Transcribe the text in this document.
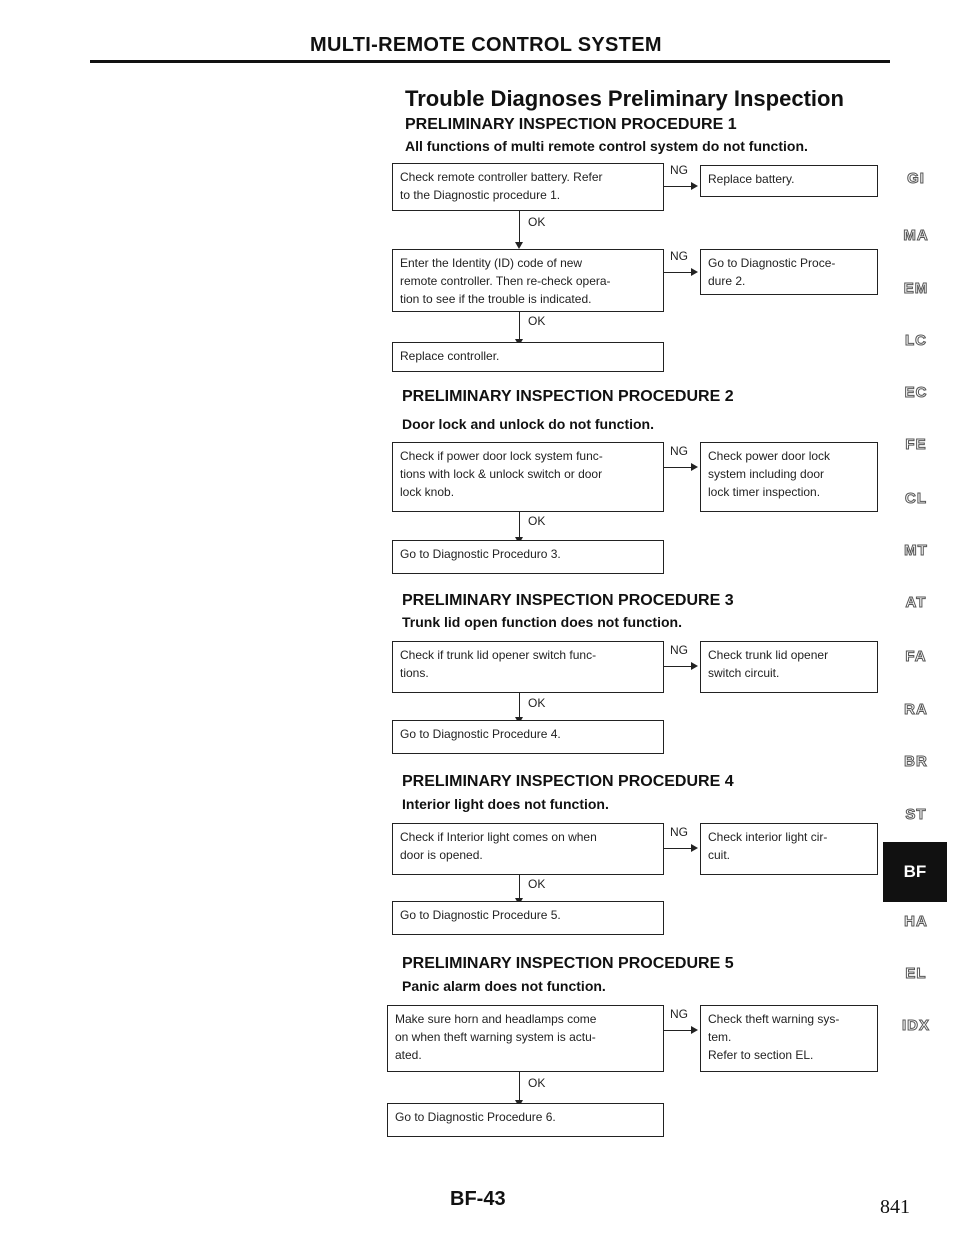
MULTI-REMOTE CONTROL SYSTEM
Trouble Diagnoses Preliminary Inspection
PRELIMINARY INSPECTION PROCEDURE 1
All functions of multi remote control system do not function.
Check remote controller battery. Refer
to the Diagnostic procedure 1.
NG
Replace battery.
OK
Enter the Identity (ID) code of new
remote controller. Then re-check opera-
tion to see if the trouble is indicated.
NG	Go to Diagnostic Proce-
dure 2.
OK
Replace controller.
PRELIMINARY INSPECTION PROCEDURE 2
Door lock and unlock do not function.
Check if power door lock system func-
tions with lock & unlock switch or door
lock knob.
NG	Check power door lock
system including door
lock timer inspection.
OK
Go to Diagnostic Proceduro 3.
PRELIMINARY INSPECTION PROCEDURE 3
Trunk lid open function does not function.
Check if trunk lid opener switch func-
tions.
NG	Check trunk lid opener
switch circuit.
OK
Go to Diagnostic Procedure 4.
PRELIMINARY INSPECTION PROCEDURE 4
Interior light does not function.
Check if Interior light comes on when
door is opened.
NG	Check interior light cir-
cuit.
OK
Go to Diagnostic Procedure 5.
PRELIMINARY INSPECTION PROCEDURE 5
Panic alarm does not function.
Make sure horn and headlamps come
on when theft warning system is actu-
ated.
NG	Check theft warning sys-
tem.
Refer to section EL.
OK
Go to Diagnostic Procedure 6.
GI
MA
EM
LC
EC
FE
CL
MT
AT
FA
RA
BR
ST
BF
HA
EL
IDX
BF-43	841
